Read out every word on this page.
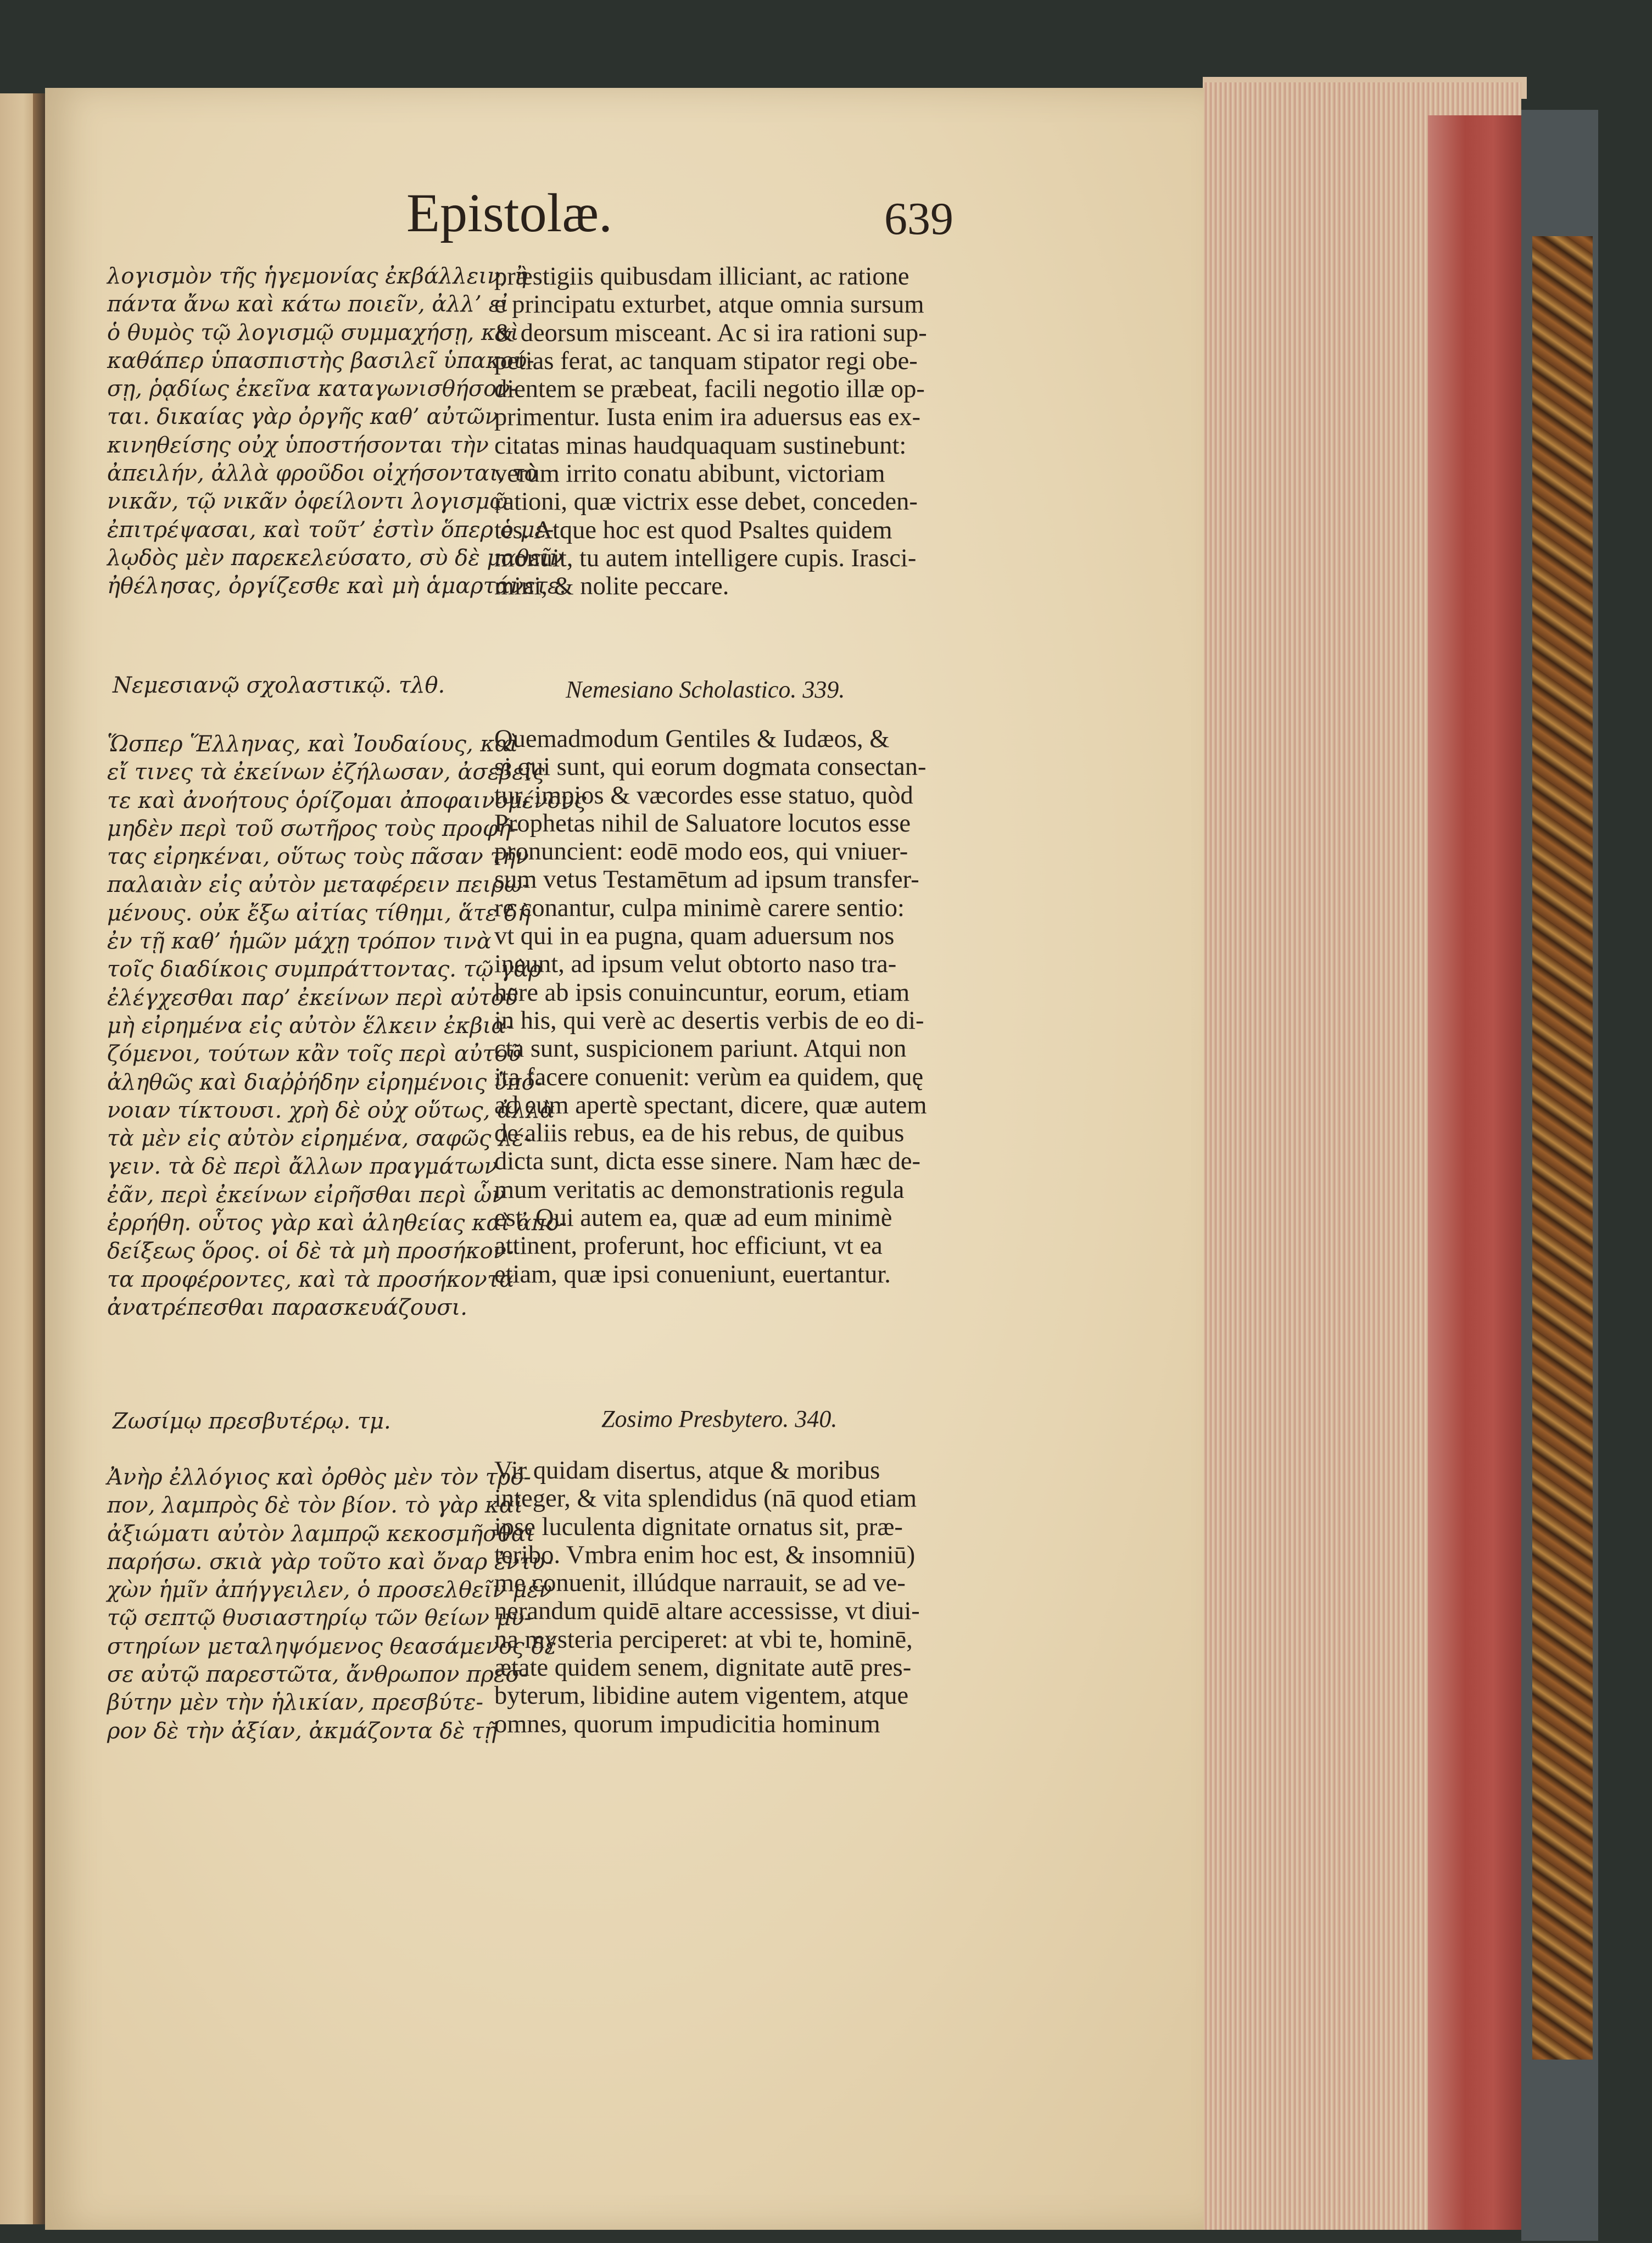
Epistolæ.	639
λογισμὸν τῆς ἡγεμονίας ἐκβάλλειν, ἢ
πάντα ἄνω καὶ κάτω ποιεῖν, ἀλλ’ εἰ
ὁ θυμὸς τῷ λογισμῷ συμμαχήσῃ, καὶ
καθάπερ ὑπασπιστὴς βασιλεῖ ὑπακού-
σῃ, ῥᾳδίως ἐκεῖνα καταγωνισθήσον-
ται. δικαίας γὰρ ὀργῆς καθ’ αὐτῶν
κινηθείσης οὐχ ὑποστήσονται τὴν
ἀπειλήν, ἀλλὰ φροῦδοι οἰχήσονται, τὸ
νικᾶν, τῷ νικᾶν ὀφείλοντι λογισμῷ
ἐπιτρέψασαι, καὶ τοῦτ’ ἐστὶν ὅπερ ὁ με-
λῳδὸς μὲν παρεκελεύσατο, σὺ δὲ μαθεῖν
ἠθέλησας, ὀργίζεσθε καὶ μὴ ἁμαρτάνετε.
Νεμεσιανῷ σχολαστικῷ. τλθ.
Ὥσπερ Ἕλληνας, καὶ Ἰουδαίους, καὶ
εἴ τινες τὰ ἐκείνων ἐζήλωσαν, ἀσεβεῖς
τε καὶ ἀνοήτους ὁρίζομαι ἀποφαινομένους
μηδὲν περὶ τοῦ σωτῆρος τοὺς προφή-
τας εἰρηκέναι, οὕτως τοὺς πᾶσαν τὴν
παλαιὰν εἰς αὐτὸν μεταφέρειν πειρω-
μένους. οὐκ ἔξω αἰτίας τίθημι, ἅτε δὴ
ἐν τῇ καθ’ ἡμῶν μάχῃ τρόπον τινὰ
τοῖς διαδίκοις συμπράττοντας. τῷ γὰρ
ἐλέγχεσθαι παρ’ ἐκείνων περὶ αὐτοῦ
μὴ εἰρημένα εἰς αὐτὸν ἕλκειν ἐκβια-
ζόμενοι, τούτων κἂν τοῖς περὶ αὐτοῦ
ἀληθῶς καὶ διαῤῥήδην εἰρημένοις ὑπό-
νοιαν τίκτουσι. χρὴ δὲ οὐχ οὕτως, ἀλλὰ
τὰ μὲν εἰς αὐτὸν εἰρημένα, σαφῶς λέ-
γειν. τὰ δὲ περὶ ἄλλων πραγμάτων
ἐᾶν, περὶ ἐκείνων εἰρῆσθαι περὶ ὧν
ἐρρήθη. οὗτος γὰρ καὶ ἀληθείας καὶ ἀπο-
δείξεως ὅρος. οἱ δὲ τὰ μὴ προσήκον-
τα προφέροντες, καὶ τὰ προσήκοντα
ἀνατρέπεσθαι παρασκευάζουσι.
Ζωσίμῳ πρεσβυτέρῳ. τμ.
Ἀνὴρ ἐλλόγιος καὶ ὀρθὸς μὲν τὸν τρό-
πον, λαμπρὸς δὲ τὸν βίον. τὸ γὰρ καὶ
ἀξιώματι αὐτὸν λαμπρῷ κεκοσμῆσθαι
παρήσω. σκιὰ γὰρ τοῦτο καὶ ὄναρ ἐντυ-
χὼν ἡμῖν ἀπήγγειλεν, ὁ προσελθεῖν μὲν
τῷ σεπτῷ θυσιαστηρίῳ τῶν θείων μυ-
στηρίων μεταληψόμενος θεασάμενος δέ
σε αὐτῷ παρεστῶτα, ἄνθρωπον πρεσ-
βύτην μὲν τὴν ἡλικίαν, πρεσβύτε-
ρον δὲ τὴν ἀξίαν, ἀκμάζοντα δὲ τῇ
præstigiis quibusdam illiciant, ac ratione
e principatu exturbet, atque omnia sursum
& deorsum misceant. Ac si ira rationi sup-
petias ferat, ac tanquam stipator regi obe-
dientem se præbeat, facili negotio illæ op-
primentur. Iusta enim ira aduersus eas ex-
citatas minas haudquaquam sustinebunt:
verùm irrito conatu abibunt, victoriam
rationi, quæ victrix esse debet, conceden-
tes. Atque hoc est quod Psaltes quidem
monuit, tu autem intelligere cupis. Irasci-
mini, & nolite peccare.
Nemesiano Scholastico. 339.
Quemadmodum Gentiles & Iudæos, &
si qui sunt, qui eorum dogmata consectan-
tur, impios & væcordes esse statuo, quòd
Prophetas nihil de Saluatore locutos esse
pronuncient: eodē modo eos, qui vniuer-
sum vetus Testamētum ad ipsum transfer-
re conantur, culpa minimè carere sentio:
vt qui in ea pugna, quam aduersum nos
ineunt, ad ipsum velut obtorto naso tra-
here ab ipsis conuincuntur, eorum, etiam
in his, qui verè ac desertis verbis de eo di-
cta sunt, suspicionem pariunt. Atqui non
ita facere conuenit: verùm ea quidem, quę
ad eum apertè spectant, dicere, quæ autem
de aliis rebus, ea de his rebus, de quibus
dicta sunt, dicta esse sinere. Nam hæc de-
mum veritatis ac demonstrationis regula
est. Qui autem ea, quæ ad eum minimè
attinent, proferunt, hoc efficiunt, vt ea
etiam, quæ ipsi conueniunt, euertantur.
Zosimo Presbytero. 340.
Vir quidam disertus, atque & moribus
integer, & vita splendidus (nā quod etiam
ipse luculenta dignitate ornatus sit, præ-
teribo. Vmbra enim hoc est, & insomniū)
me conuenit, illúdque narrauit, se ad ve-
nerandum quidē altare accessisse, vt diui-
na mysteria perciperet: at vbi te, hominē,
ætate quidem senem, dignitate autē pres-
byterum, libidine autem vigentem, atque
omnes, quorum impudicitia hominum
